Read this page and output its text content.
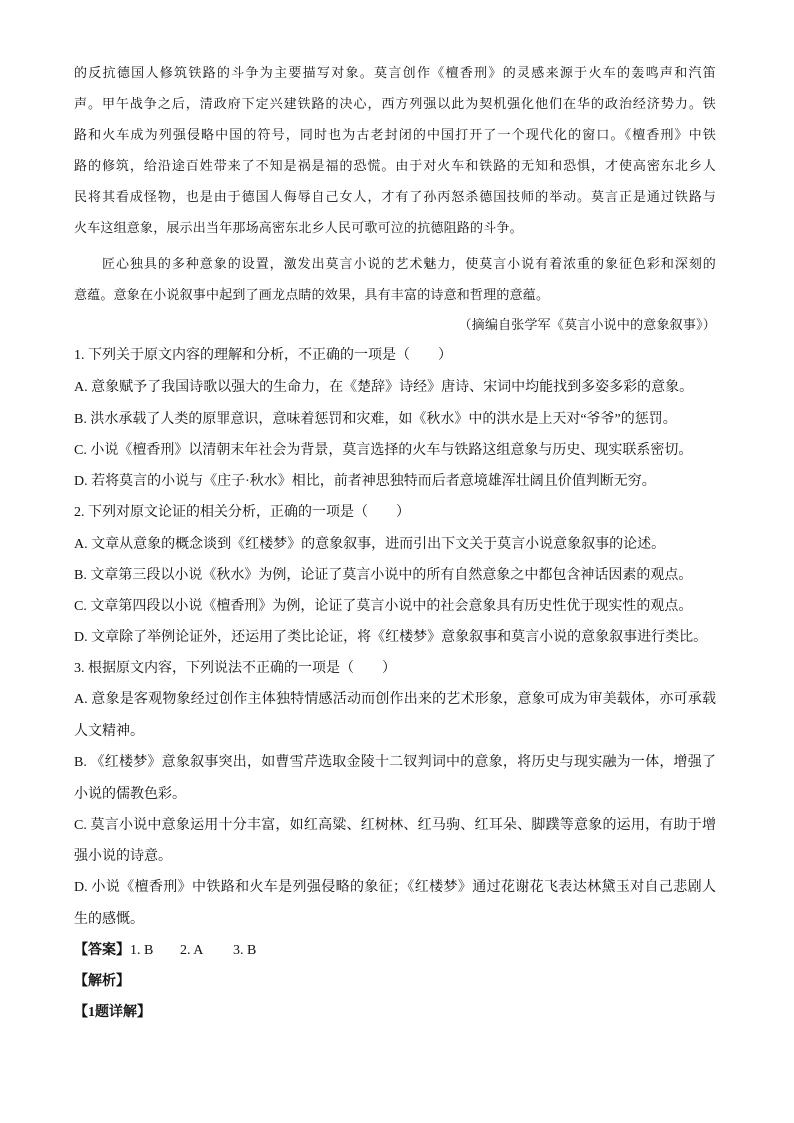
的反抗德国人修筑铁路的斗争为主要描写对象。莫言创作《檀香刑》的灵感来源于火车的轰鸣声和汽笛
声。甲午战争之后，清政府下定兴建铁路的决心，西方列强以此为契机强化他们在华的政治经济势力。铁
路和火车成为列强侵略中国的符号，同时也为古老封闭的中国打开了一个现代化的窗口。《檀香刑》中铁
路的修筑，给沿途百姓带来了不知是祸是福的恐慌。由于对火车和铁路的无知和恐惧，才使高密东北乡人
民将其看成怪物，也是由于德国人侮辱自己女人，才有了孙丙怒杀德国技师的举动。莫言正是通过铁路与
火车这组意象，展示出当年那场高密东北乡人民可歌可泣的抗德阻路的斗争。
匠心独具的多种意象的设置，激发出莫言小说的艺术魅力，使莫言小说有着浓重的象征色彩和深刻的
意蕴。意象在小说叙事中起到了画龙点睛的效果，具有丰富的诗意和哲理的意蕴。
（摘编自张学军《莫言小说中的意象叙事》）
1. 下列关于原文内容的理解和分析，不正确的一项是（　　）
A. 意象赋予了我国诗歌以强大的生命力，在《楚辞》诗经》唐诗、宋词中均能找到多姿多彩的意象。
B. 洪水承载了人类的原罪意识，意味着惩罚和灾难，如《秋水》中的洪水是上天对“爷爷”的惩罚。
C. 小说《檀香刑》以清朝末年社会为背景，莫言选择的火车与铁路这组意象与历史、现实联系密切。
D. 若将莫言的小说与《庄子·秋水》相比，前者神思独特而后者意境雄浑壮阔且价值判断无穷。
2. 下列对原文论证的相关分析，正确的一项是（　　）
A. 文章从意象的概念谈到《红楼梦》的意象叙事，进而引出下文关于莫言小说意象叙事的论述。
B. 文章第三段以小说《秋水》为例，论证了莫言小说中的所有自然意象之中都包含神话因素的观点。
C. 文章第四段以小说《檀香刑》为例，论证了莫言小说中的社会意象具有历史性优于现实性的观点。
D. 文章除了举例论证外，还运用了类比论证，将《红楼梦》意象叙事和莫言小说的意象叙事进行类比。
3. 根据原文内容，下列说法不正确的一项是（　　）
A. 意象是客观物象经过创作主体独特情感活动而创作出来的艺术形象，意象可成为审美载体，亦可承载
人文精神。
B. 《红楼梦》意象叙事突出，如曹雪芹选取金陵十二钗判词中的意象，将历史与现实融为一体，增强了
小说的儒教色彩。
C. 莫言小说中意象运用十分丰富，如红高粱、红树林、红马驹、红耳朵、脚蹼等意象的运用，有助于增
强小说的诗意。
D. 小说《檀香刑》中铁路和火车是列强侵略的象征；《红楼梦》通过花谢花飞表达林黛玉对自己悲剧人
生的感慨。
【答案】1. B 2. A 3. B
【解析】
【1题详解】
